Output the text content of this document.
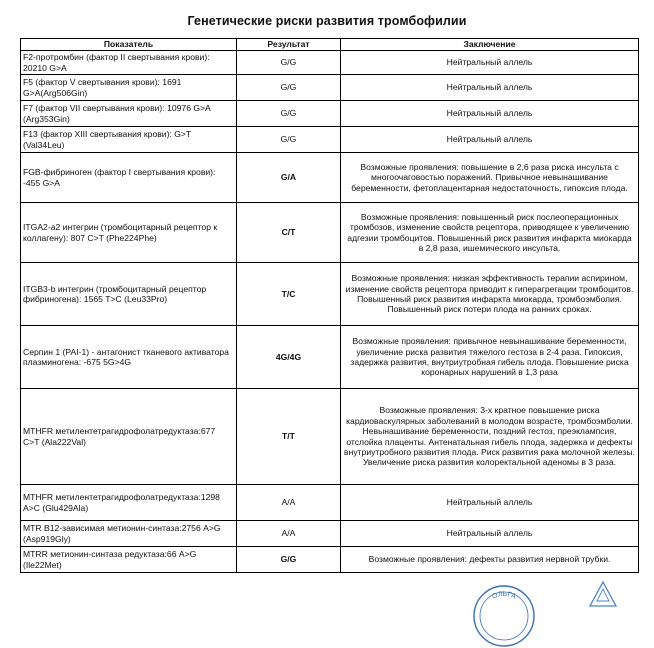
Генетические риски развития тромбофилии
Показатель	Результат	Заключение
F2-протромбин (фактор II свертывания крови): 20210 G>A	G/G	Нейтральный аллель
F5 (фактор V свертывания крови): 1691 G>A(Arg506Gin)	G/G	Нейтральный аллель
F7 (фактор VII свертывания крови): 10976 G>A (Arg353Gin)	G/G	Нейтральный аллель
F13 (фактор XIII свертывания крови): G>T (Val34Leu)	G/G	Нейтральный аллель
FGB-фибриноген (фактор I свертывания крови): -455 G>A	G/A	Возможные проявления: повышение в 2,6 раза риска инсульта с многоочаговостью поражений. Привычное невынашивание беременности, фетоплацентарная недостаточность, гипоксия плода.
ITGA2-a2 интегрин (тромбоцитарный рецептор к коллагену): 807 C>T (Phe224Phe)	C/T	Возможные проявления: повышенный риск послеоперационных тромбозов, изменение свойств рецептора, приводящее к увеличению адгезии тромбоцитов. Повышенный риск развития инфаркта миокарда в 2,8 раза, ишемического инсульта.
ITGB3-b интегрин (тромбоцитарный рецептор фибриногена): 1565 T>C (Leu33Pro)	T/C	Возможные проявления: низкая эффективность терапии аспирином, изменение свойств рецептора приводит к гиперагрегации тромбоцитов. Повышенный риск развития инфаркта миокарда, тромбоэмболия. Повышенный риск потери плода на ранних сроках.
Серпин 1 (PAI-1) - антагонист тканевого активатора плазминогена: -675 5G>4G	4G/4G	Возможные проявления: привычное невынашивание беременности, увеличение риска развития тяжелого гестоза в 2-4 раза. Гипоксия, задержка развития, внутриутробная гибель плода. Повышение риска коронарных нарушений в 1,3 раза
MTHFR метилентетрагидрофолатредуктаза:677 C>T (Ala222Val)	T/T	Возможные проявления: 3-х кратное повышение риска кардиоваскулярных заболеваний в молодом возрасте, тромбоэмболии. Невынашивание беременности, поздний гестоз, преэклампсия, отслойка плаценты. Антенатальная гибель плода, задержка и дефекты внутриутробного развития плода. Риск развития рака молочной железы. Увеличение риска развития колоректальной аденомы в 3 раза.
MTHFR метилентетрагидрофолатредуктаза:1298 A>C (Glu429Ala)	A/A	Нейтральный аллель
MTR B12-зависимая метионин-синтаза:2756 A>G (Asp919Gly)	A/A	Нейтральный аллель
MTRR метионин-синтаза редуктаза:66 A>G (Ile22Met)	G/G	Возможные проявления: дефекты развития нервной трубки.
ОЛЬГА
